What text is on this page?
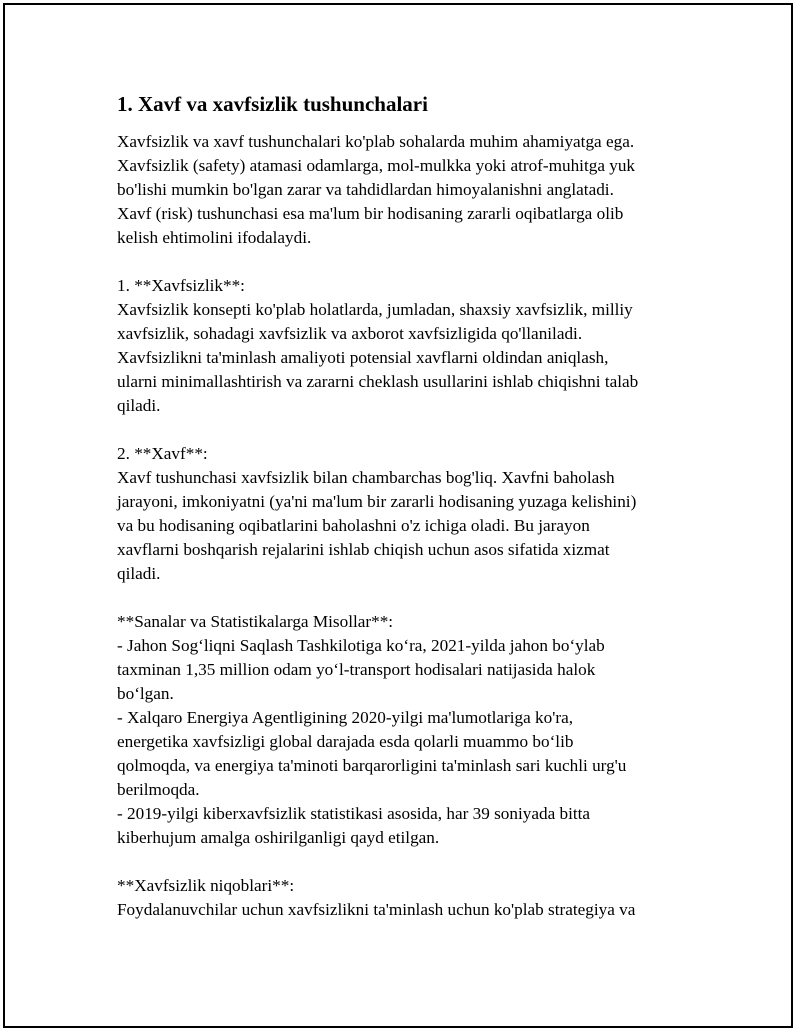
1. Xavf va xavfsizlik tushunchalari
Xavfsizlik va xavf tushunchalari ko'plab sohalarda muhim ahamiyatga ega.
Xavfsizlik (safety) atamasi odamlarga, mol-mulkka yoki atrof-muhitga yuk
bo'lishi mumkin bo'lgan zarar va tahdidlardan himoyalanishni anglatadi.
Xavf (risk) tushunchasi esa ma'lum bir hodisaning zararli oqibatlarga olib
kelish ehtimolini ifodalaydi.
1. **Xavfsizlik**:
Xavfsizlik konsepti ko'plab holatlarda, jumladan, shaxsiy xavfsizlik, milliy
xavfsizlik, sohadagi xavfsizlik va axborot xavfsizligida qo'llaniladi.
Xavfsizlikni ta'minlash amaliyoti potensial xavflarni oldindan aniqlash,
ularni minimallashtirish va zararni cheklash usullarini ishlab chiqishni talab
qiladi.
2. **Xavf**:
Xavf tushunchasi xavfsizlik bilan chambarchas bog'liq. Xavfni baholash
jarayoni, imkoniyatni (ya'ni ma'lum bir zararli hodisaning yuzaga kelishini)
va bu hodisaning oqibatlarini baholashni o'z ichiga oladi. Bu jarayon
xavflarni boshqarish rejalarini ishlab chiqish uchun asos sifatida xizmat
qiladi.
**Sanalar va Statistikalarga Misollar**:
- Jahon Sog‘liqni Saqlash Tashkilotiga ko‘ra, 2021-yilda jahon bo‘ylab
taxminan 1,35 million odam yo‘l-transport hodisalari natijasida halok
bo‘lgan.
- Xalqaro Energiya Agentligining 2020-yilgi ma'lumotlariga ko'ra,
energetika xavfsizligi global darajada esda qolarli muammo bo‘lib
qolmoqda, va energiya ta'minoti barqarorligini ta'minlash sari kuchli urg'u
berilmoqda.
- 2019-yilgi kiberxavfsizlik statistikasi asosida, har 39 soniyada bitta
kiberhujum amalga oshirilganligi qayd etilgan.
**Xavfsizlik niqoblari**:
Foydalanuvchilar uchun xavfsizlikni ta'minlash uchun ko'plab strategiya va
